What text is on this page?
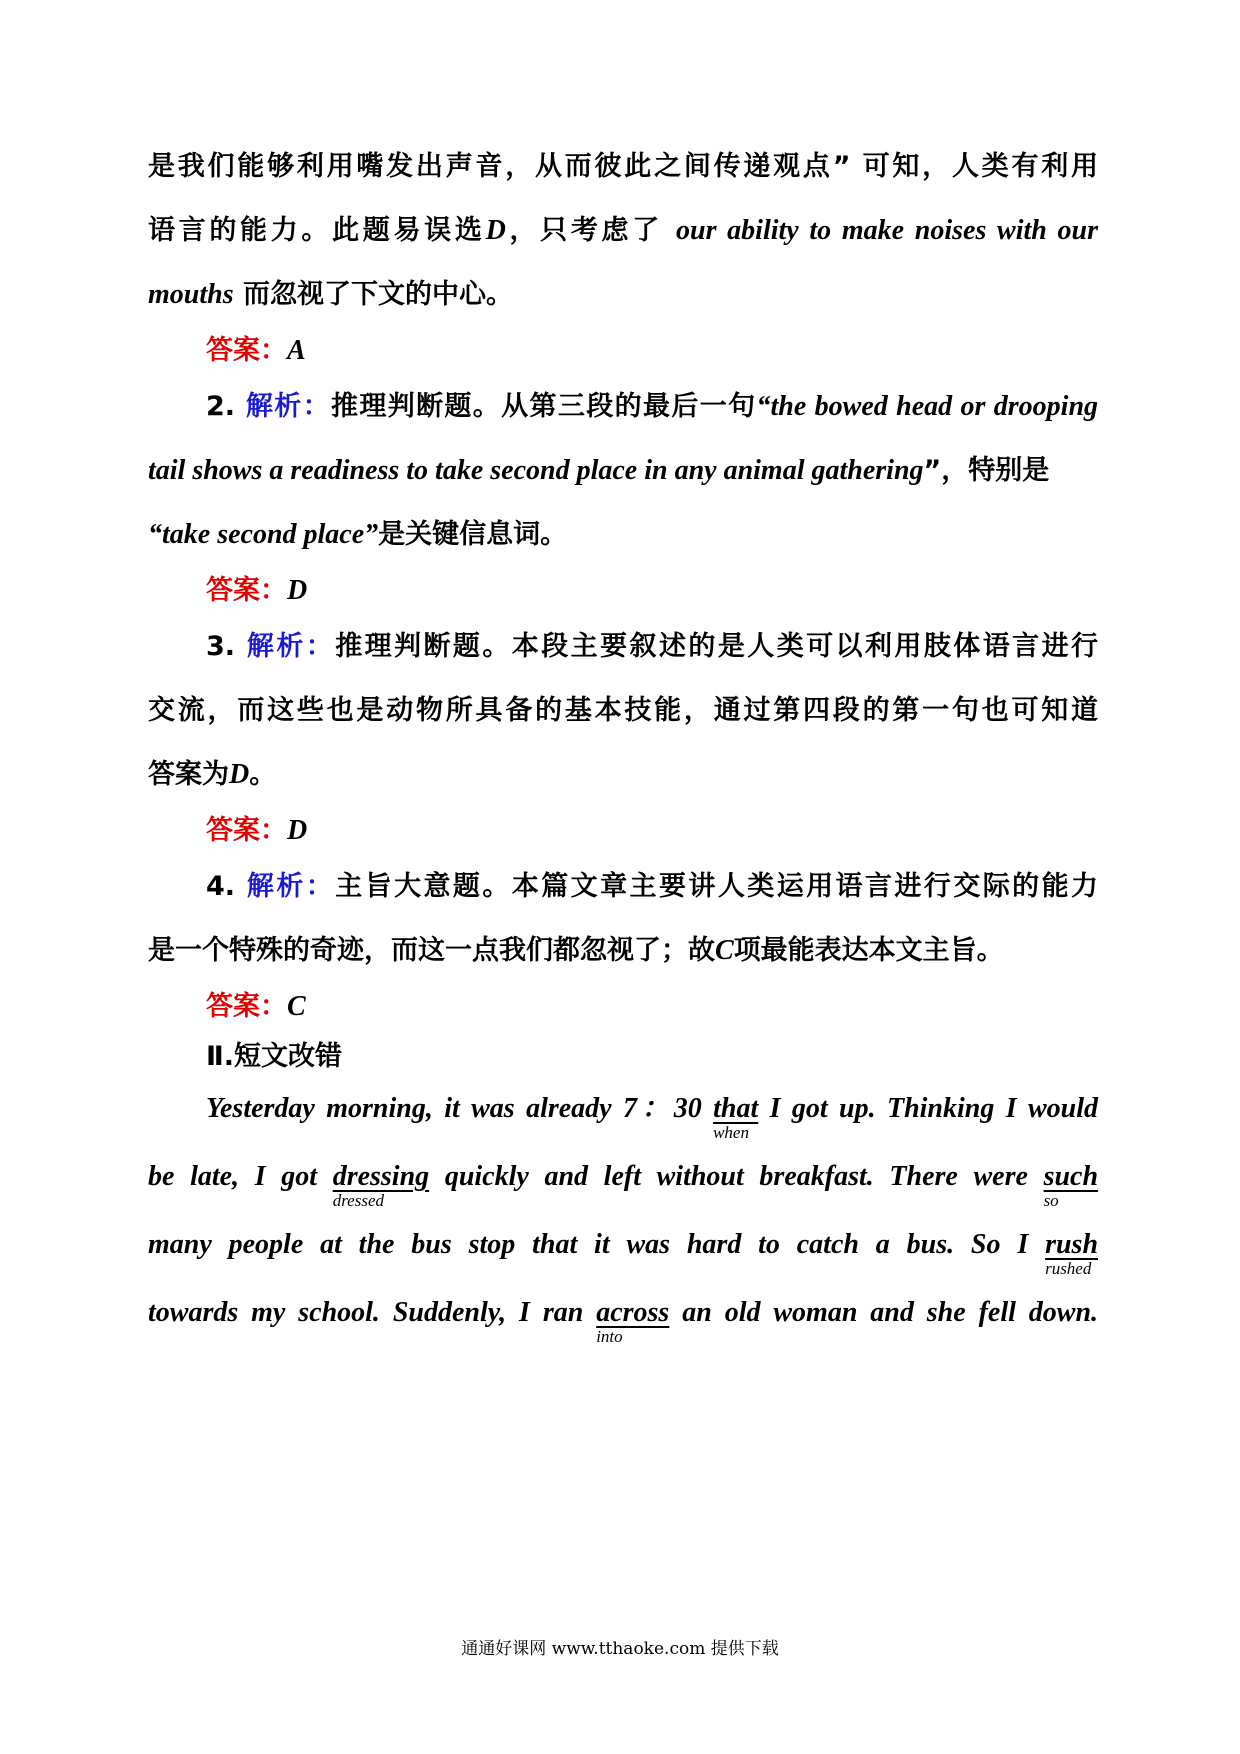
是我们能够利用嘴发出声音，从而彼此之间传递观点” 可知，人类有利用
语言的能力。此题易误选D，只考虑了 our ability to make noises with our
mouths 而忽视了下文的中心。
答案：A
2. 解析：推理判断题。从第三段的最后一句“the bowed head or drooping
tail shows a readiness to take second place in any animal gathering”，特别是
“take second place”是关键信息词。
答案：D
3. 解析：推理判断题。本段主要叙述的是人类可以利用肢体语言进行
交流，而这些也是动物所具备的基本技能，通过第四段的第一句也可知道
答案为D。
答案：D
4. 解析：主旨大意题。本篇文章主要讲人类运用语言进行交际的能力
是一个特殊的奇迹，而这一点我们都忽视了；故C项最能表达本文主旨。
答案：C
Ⅱ.短文改错
Yesterday morning, it was already 7：30 that
when
I got up. Thinking I would
be late, I got dressing
dressed
quickly and left without breakfast. There were such
so
many people at the bus stop that it was hard to catch a bus. So I rush
rushed
towards my school. Suddenly, I ran across
into
an old woman and she fell down.
通通好课网 www.tthaoke.com 提供下载
